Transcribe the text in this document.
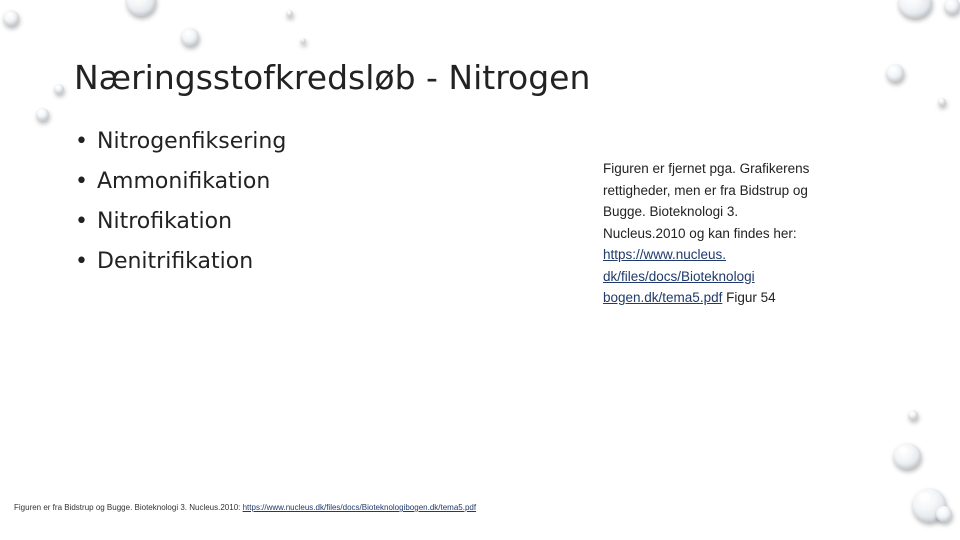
Næringsstofkredsløb - Nitrogen
• Nitrogenfiksering
• Ammonifikation
• Nitrofikation
• Denitrifikation
Figuren er fjernet pga. Grafikerens rettigheder, men er fra Bidstrup og Bugge. Bioteknologi 3. Nucleus.2010 og kan findes her: https://www.nucleus. dk/files/docs/Bioteknologi bogen.dk/tema5.pdf Figur 54
Figuren er fra Bidstrup og Bugge. Bioteknologi 3. Nucleus.2010: https://www.nucleus.dk/files/docs/Bioteknologibogen.dk/tema5.pdf
